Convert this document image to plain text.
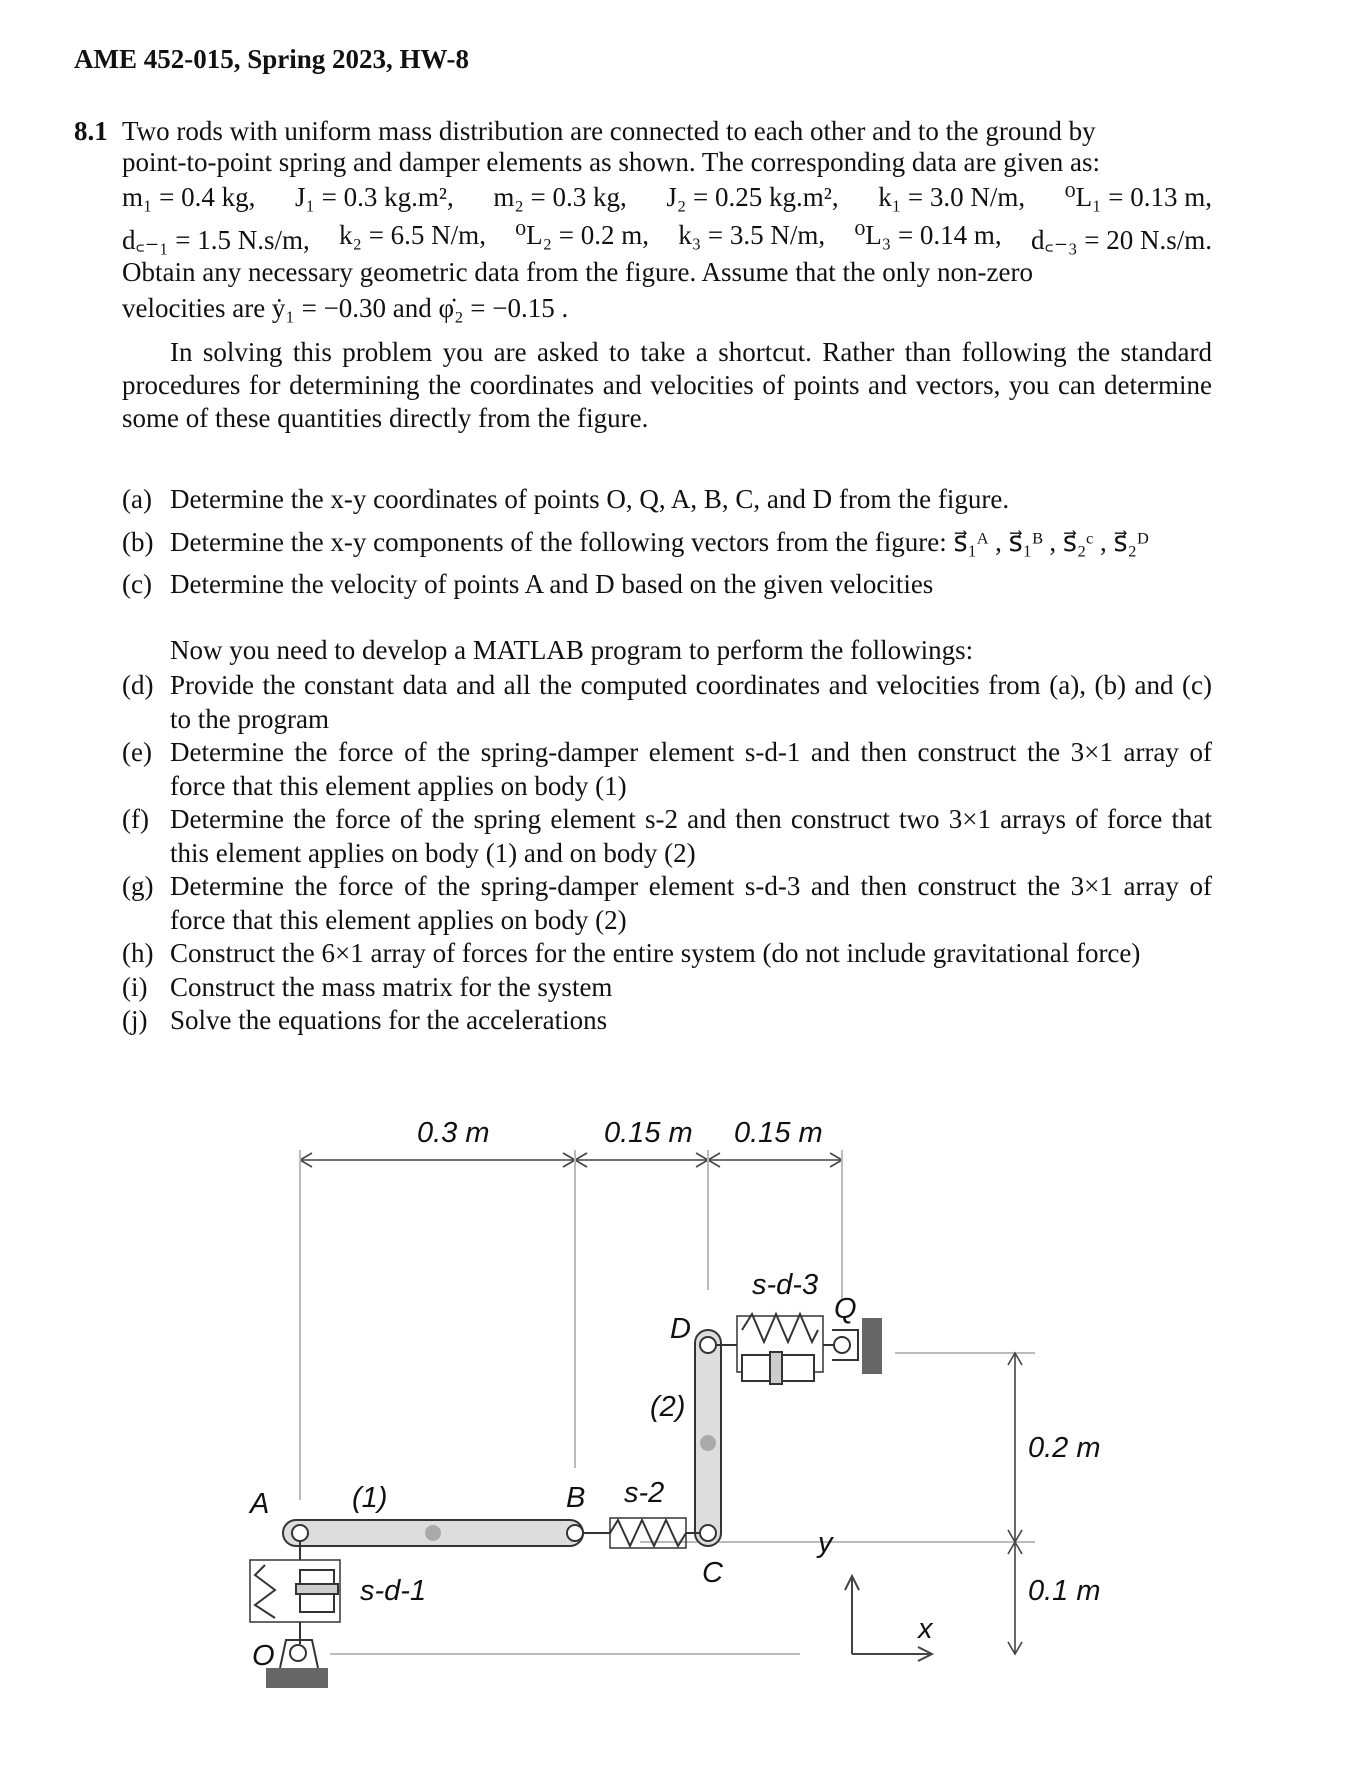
AME 452-015, Spring 2023, HW-8
8.1 Two rods with uniform mass distribution are connected to each other and to the ground by
point-to-point spring and damper elements as shown. The corresponding data are given as:
m₁ = 0.4 kg, J₁ = 0.3 kg.m², m₂ = 0.3 kg, J₂ = 0.25 kg.m², k₁ = 3.0 N/m, ⁰L₁ = 0.13 m,
d꜀₋₁ = 1.5 N.s/m, k₂ = 6.5 N/m, ⁰L₂ = 0.2 m, k₃ = 3.5 N/m, ⁰L₃ = 0.14 m, d꜀₋₃ = 20 N.s/m.
Obtain any necessary geometric data from the figure. Assume that the only non-zero
velocities are ẏ₁ = −0.30 and φ̇₂ = −0.15 .
In solving this problem you are asked to take a shortcut. Rather than following the standard procedures for determining the coordinates and velocities of points and vectors, you can determine some of these quantities directly from the figure.
(a) Determine the x-y coordinates of points O, Q, A, B, C, and D from the figure.
(b) Determine the x-y components of the following vectors from the figure: s⃗₁ᴬ , s⃗₁ᴮ , s⃗₂ᶜ , s⃗₂ᴰ
(c) Determine the velocity of points A and D based on the given velocities
Now you need to develop a MATLAB program to perform the followings:
(d) Provide the constant data and all the computed coordinates and velocities from (a), (b) and (c) to the program
(e) Determine the force of the spring-damper element s-d-1 and then construct the 3×1 array of force that this element applies on body (1)
(f) Determine the force of the spring element s-2 and then construct two 3×1 arrays of force that this element applies on body (1) and on body (2)
(g) Determine the force of the spring-damper element s-d-3 and then construct the 3×1 array of force that this element applies on body (2)
(h) Construct the 6×1 array of forces for the entire system (do not include gravitational force)
(i) Construct the mass matrix for the system
(j) Solve the equations for the accelerations
0.3 m	0.15 m 0.15 m
0.2 m
0.1 m
s-d-3
Q
D
(2)
A	(1)	B s-2
C
s-d-1
O
y
x
